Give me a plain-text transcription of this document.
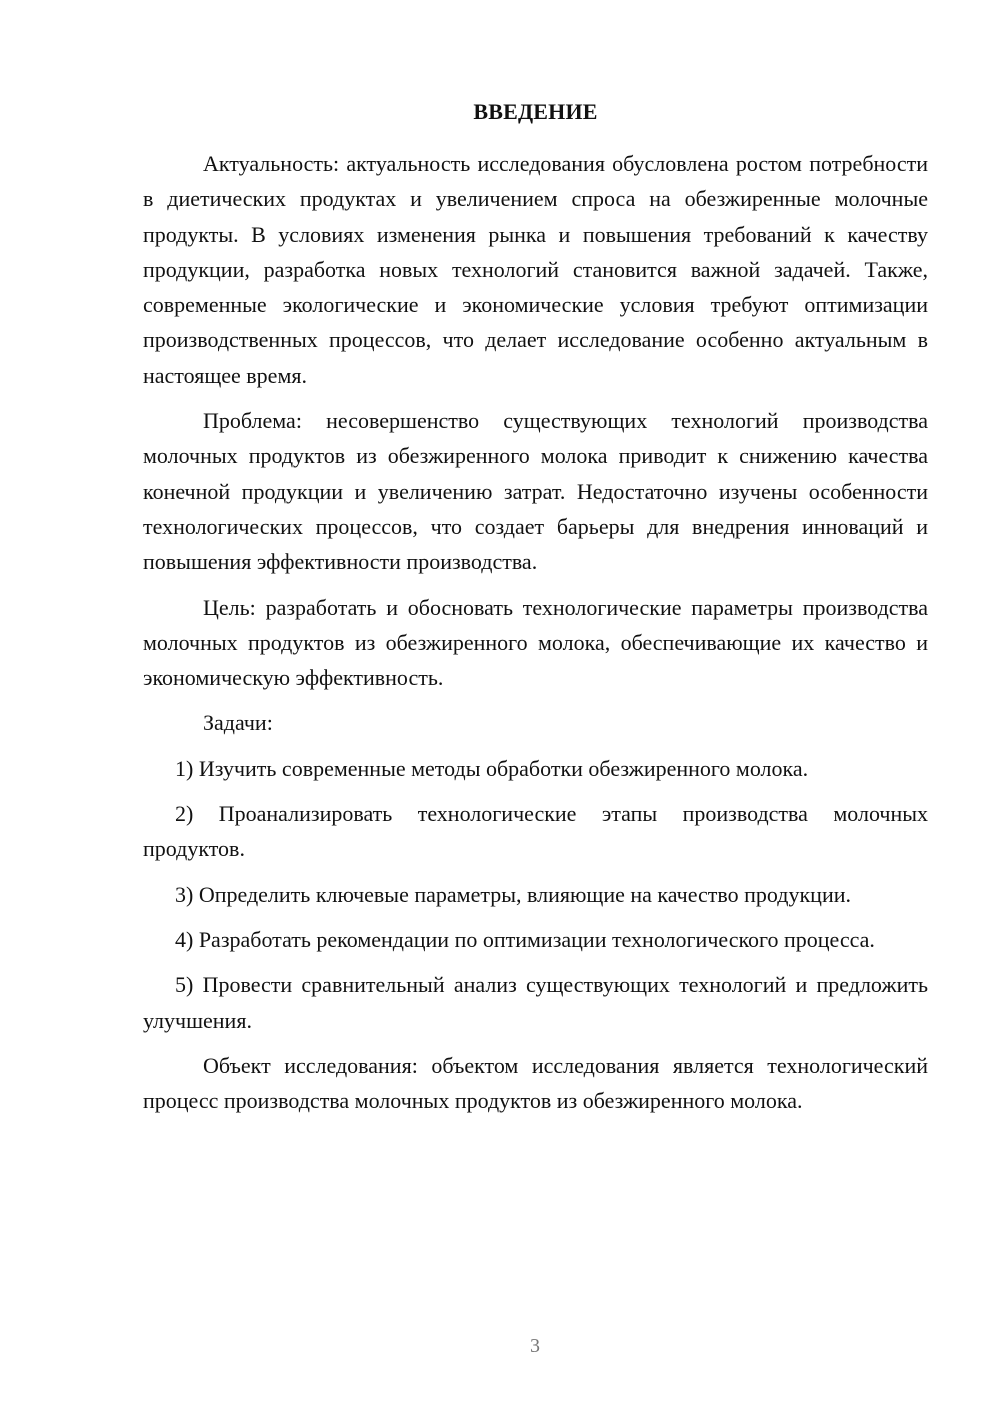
ВВЕДЕНИЕ

Актуальность: актуальность исследования обусловлена ростом потребности в диетических продуктах и увеличением спроса на обезжиренные молочные продукты. В условиях изменения рынка и повышения требований к качеству продукции, разработка новых технологий становится важной задачей. Также, современные экологические и экономические условия требуют оптимизации производственных процессов, что делает исследование особенно актуальным в настоящее время.

Проблема: несовершенство существующих технологий производства молочных продуктов из обезжиренного молока приводит к снижению качества конечной продукции и увеличению затрат. Недостаточно изучены особенности технологических процессов, что создает барьеры для внедрения инноваций и повышения эффективности производства.

Цель: разработать и обосновать технологические параметры производства молочных продуктов из обезжиренного молока, обеспечивающие их качество и экономическую эффективность.

Задачи:

1) Изучить современные методы обработки обезжиренного молока.

2) Проанализировать технологические этапы производства молочных продуктов.

3) Определить ключевые параметры, влияющие на качество продукции.

4) Разработать рекомендации по оптимизации технологического процесса.

5) Провести сравнительный анализ существующих технологий и предложить улучшения.

Объект исследования: объектом исследования является технологический процесс производства молочных продуктов из обезжиренного молока.

3
